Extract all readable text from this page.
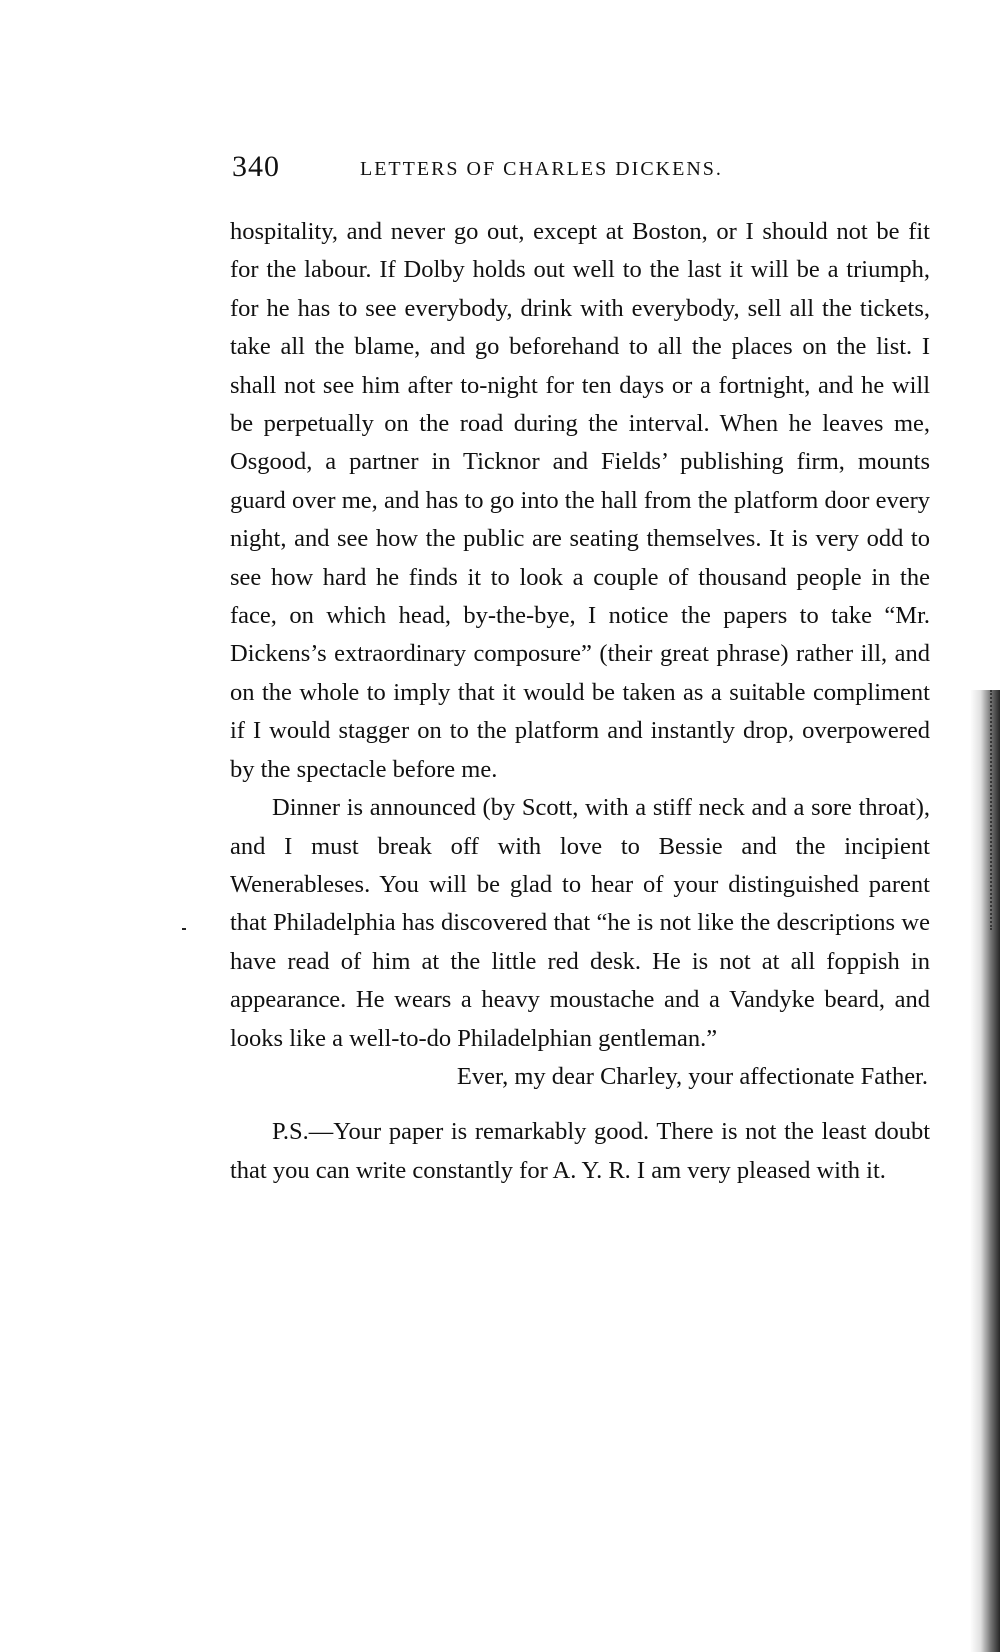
340	LETTERS OF CHARLES DICKENS.

hospitality, and never go out, except at Boston, or I should not be fit for the labour. If Dolby holds out well to the last it will be a triumph, for he has to see everybody, drink with everybody, sell all the tickets, take all the blame, and go beforehand to all the places on the list. I shall not see him after to-night for ten days or a fortnight, and he will be perpetually on the road during the interval. When he leaves me, Osgood, a partner in Ticknor and Fields’ publishing firm, mounts guard over me, and has to go into the hall from the platform door every night, and see how the public are seating themselves. It is very odd to see how hard he finds it to look a couple of thousand people in the face, on which head, by-the-bye, I notice the papers to take “Mr. Dickens’s extraordinary composure” (their great phrase) rather ill, and on the whole to imply that it would be taken as a suitable compliment if I would stagger on to the platform and instantly drop, overpowered by the spectacle before me.

Dinner is announced (by Scott, with a stiff neck and a sore throat), and I must break off with love to Bessie and the incipient Wenerableses. You will be glad to hear of your distinguished parent that Philadelphia has discovered that “he is not like the descriptions we have read of him at the little red desk. He is not at all foppish in appearance. He wears a heavy moustache and a Vandyke beard, and looks like a well-to-do Philadelphian gentleman.”

Ever, my dear Charley, your affectionate Father.

P.S.—Your paper is remarkably good. There is not the least doubt that you can write constantly for A. Y. R. I am very pleased with it.
